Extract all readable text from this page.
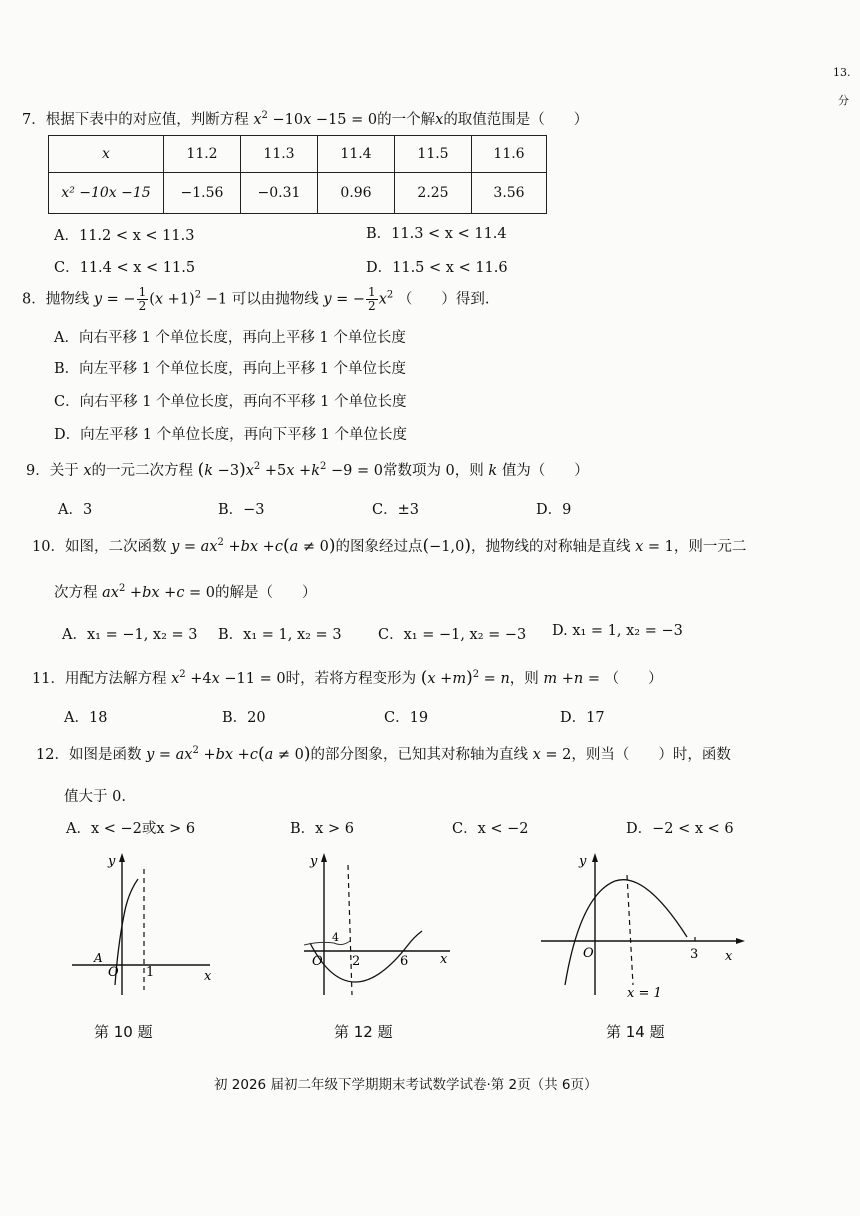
13.
分
7．根据下表中的对应值，判断方程 $x^2 -10x -15 = 0$的一个解x的取值范围是（　　）
x	11.2	11.3	11.4	11.5	11.6
x² −10x −15	−1.56	−0.31	0.96	2.25	3.56
A．11.2 < x < 11.3	B．11.3 < x < 11.4
C．11.4 < x < 11.5	D．11.5 < x < 11.6
8．抛物线 y = − $\frac{1}{2} (x +1)^2 -1$ 可以由抛物线 y = − $\frac{1}{2} x^2$ （　　）得到.
A．向右平移 1 个单位长度，再向上平移 1 个单位长度
B．向左平移 1 个单位长度，再向上平移 1 个单位长度
C．向右平移 1 个单位长度，再向不平移 1 个单位长度
D．向左平移 1 个单位长度，再向下平移 1 个单位长度
9．关于 x的一元二次方程 $(k -3)x^2 +5x +k^2 -9 = 0$常数项为 0，则 k 值为（　　）
A．3	B．−3	C．±3	D．9
10．如图，二次函数 $y = ax^2 +bx +c(a \ne 0)$的图象经过点(−1,0)，抛物线的对称轴是直线 x = 1，则一元二
次方程 $ax^2 +bx +c = 0$的解是（　　）
A．x₁ = −1, x₂ = 3 B．x₁ = 1, x₂ = 3	C．x₁ = −1, x₂ = −3 D. x₁ = 1, x₂ = −3
11．用配方法解方程 $x^2 +4x -11 = 0$时，若将方程变形为 $(x +m)^2 = n$，则 m +n = （　　）
A．18	B．20	C．19	D．17
12．如图是函数 $y = ax^2 +bx +c(a \ne 0)$的部分图象，已知其对称轴为直线 x = 2，则当（　　）时，函数
值大于 0.
A．x < −2或x > 6	B．x > 6	C．x < −2	D．−2 < x < 6
y
x
O
A
1
第 10 题
y
x
O 2	6
4
第 12 题
y
x
O	3
x = 1
第 14 题
初 2026 届初二年级下学期期末考试数学试卷·第 2页（共 6页）
